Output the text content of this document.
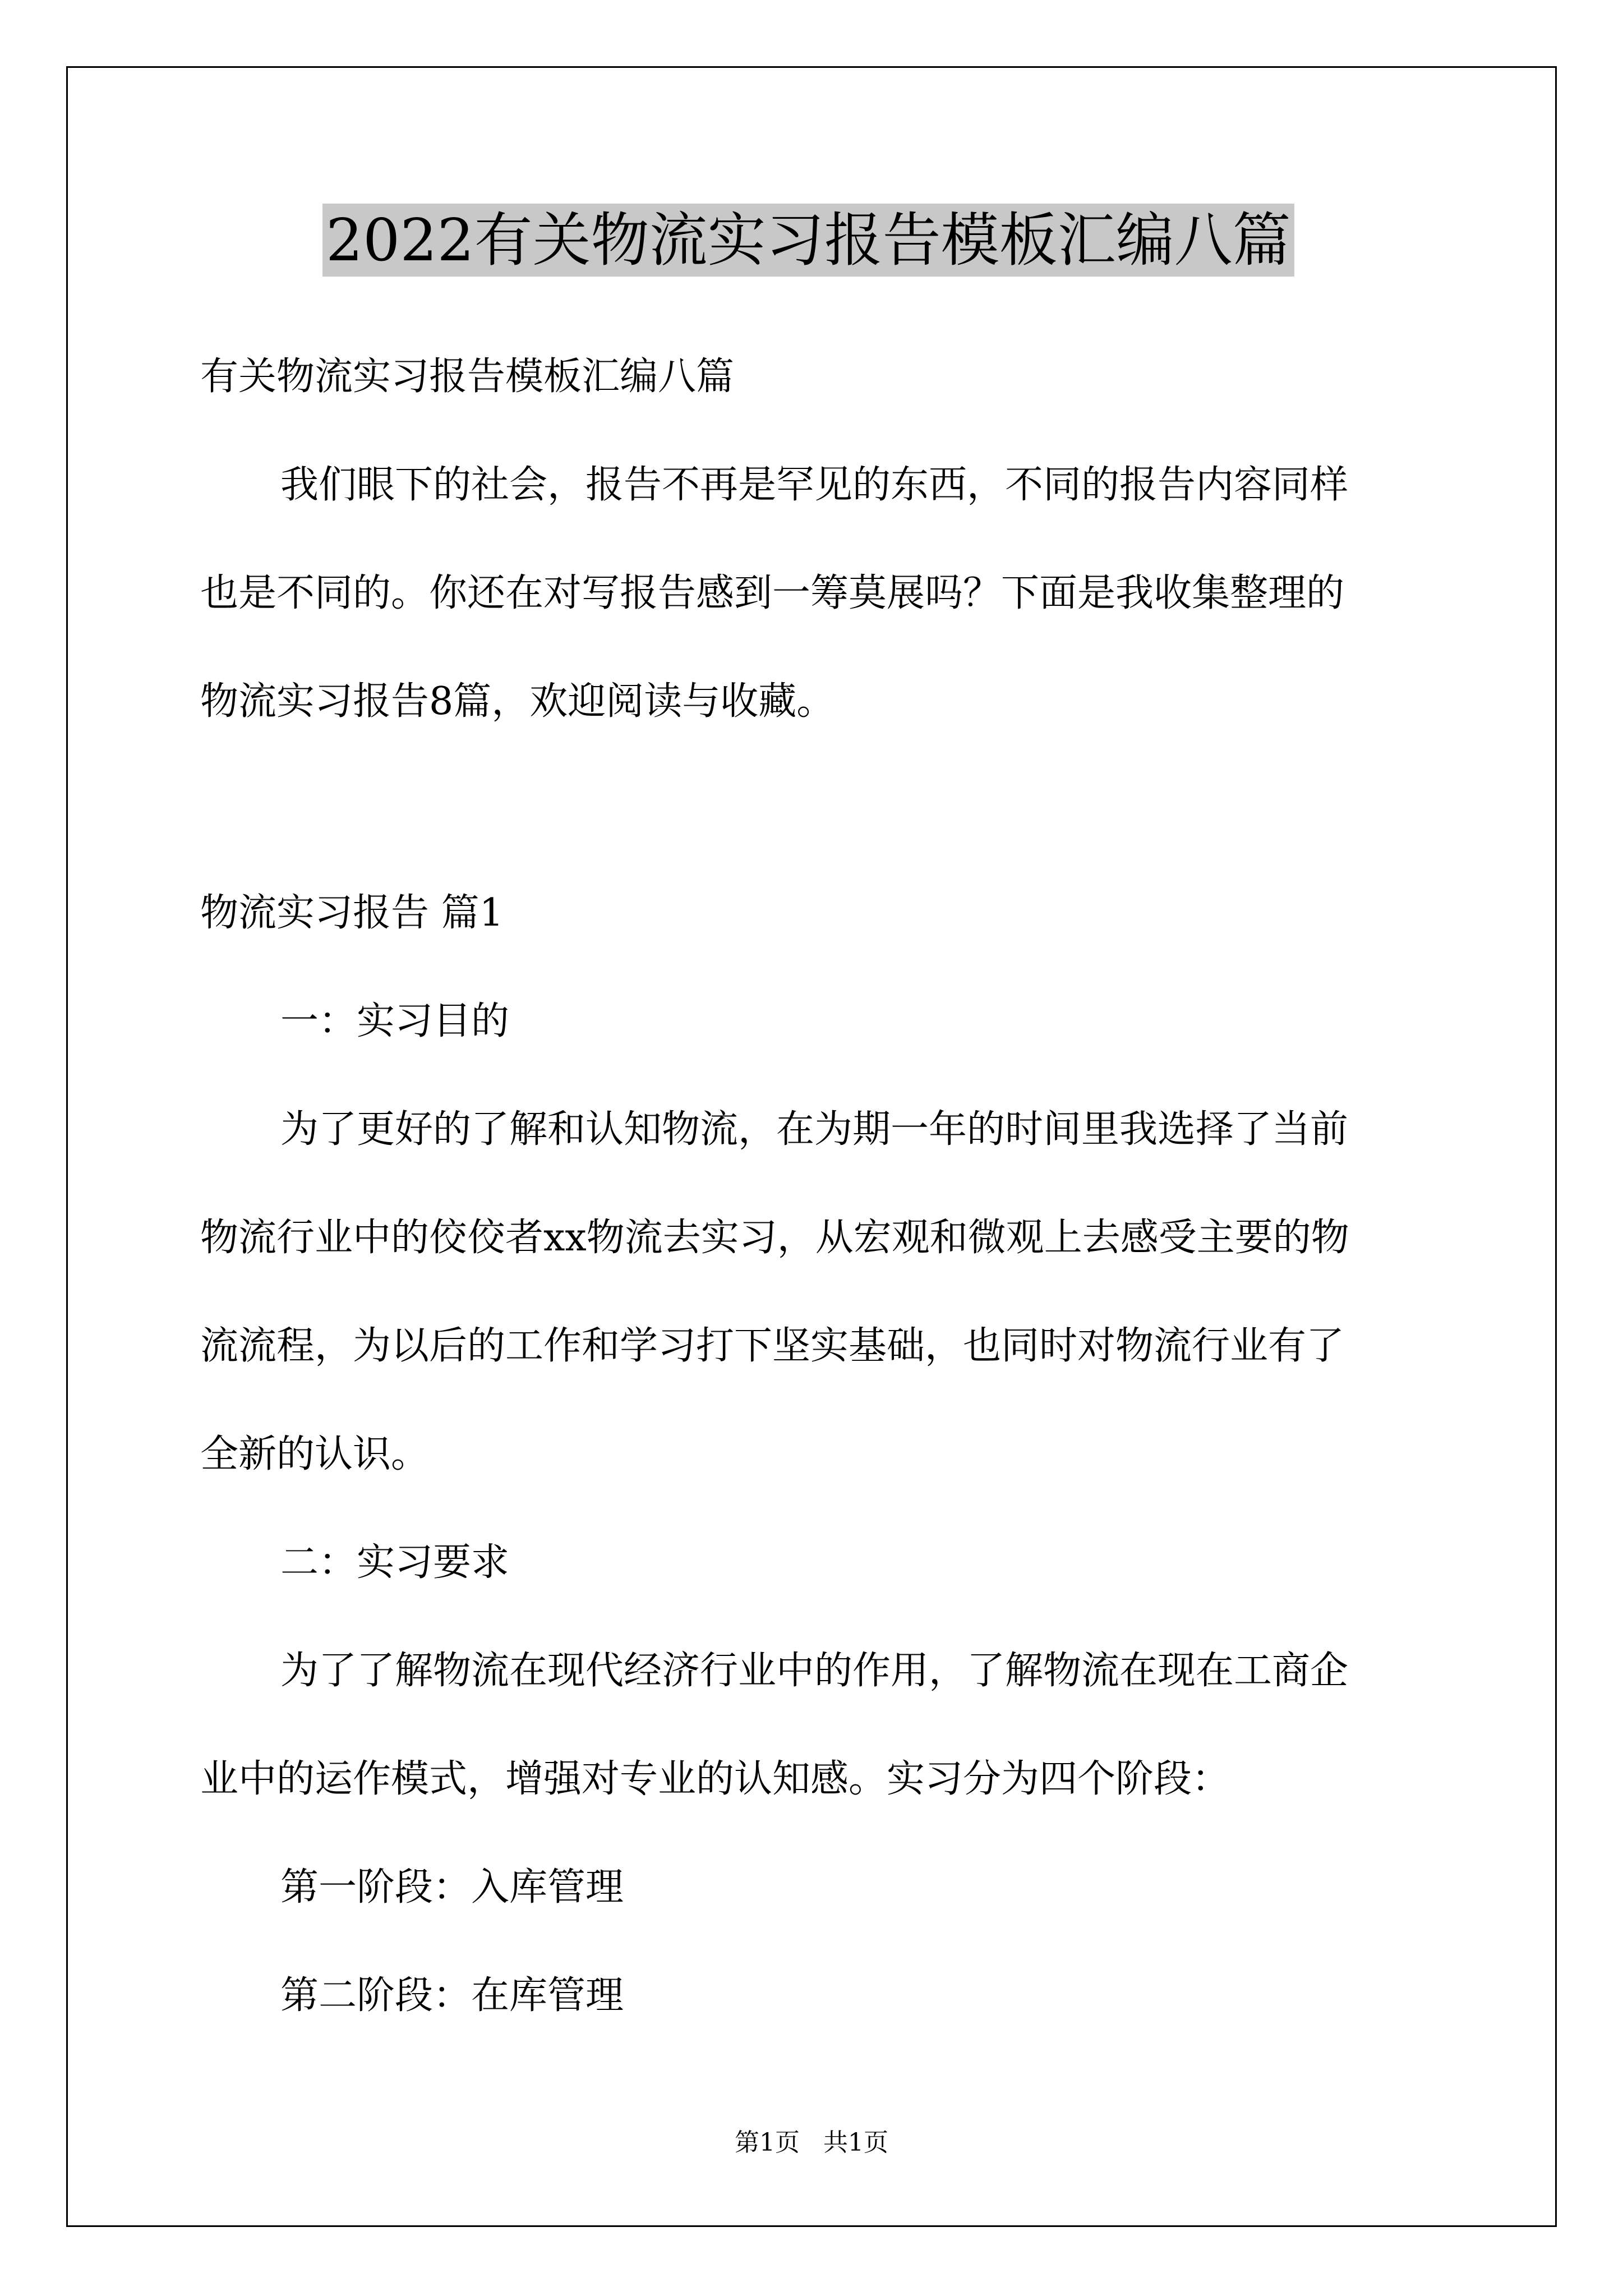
2022有关物流实习报告模板汇编八篇
有关物流实习报告模板汇编八篇
我们眼下的社会，报告不再是罕见的东西，不同的报告内容同样
也是不同的。你还在对写报告感到一筹莫展吗？下面是我收集整理的
物流实习报告8篇，欢迎阅读与收藏。
物流实习报告 篇1
一：实习目的
为了更好的了解和认知物流，在为期一年的时间里我选择了当前
物流行业中的佼佼者xx物流去实习，从宏观和微观上去感受主要的物
流流程，为以后的工作和学习打下坚实基础，也同时对物流行业有了
全新的认识。
二：实习要求
为了了解物流在现代经济行业中的作用，了解物流在现在工商企
业中的运作模式，增强对专业的认知感。实习分为四个阶段：
第一阶段：入库管理
第二阶段：在库管理
第1页   共1页
